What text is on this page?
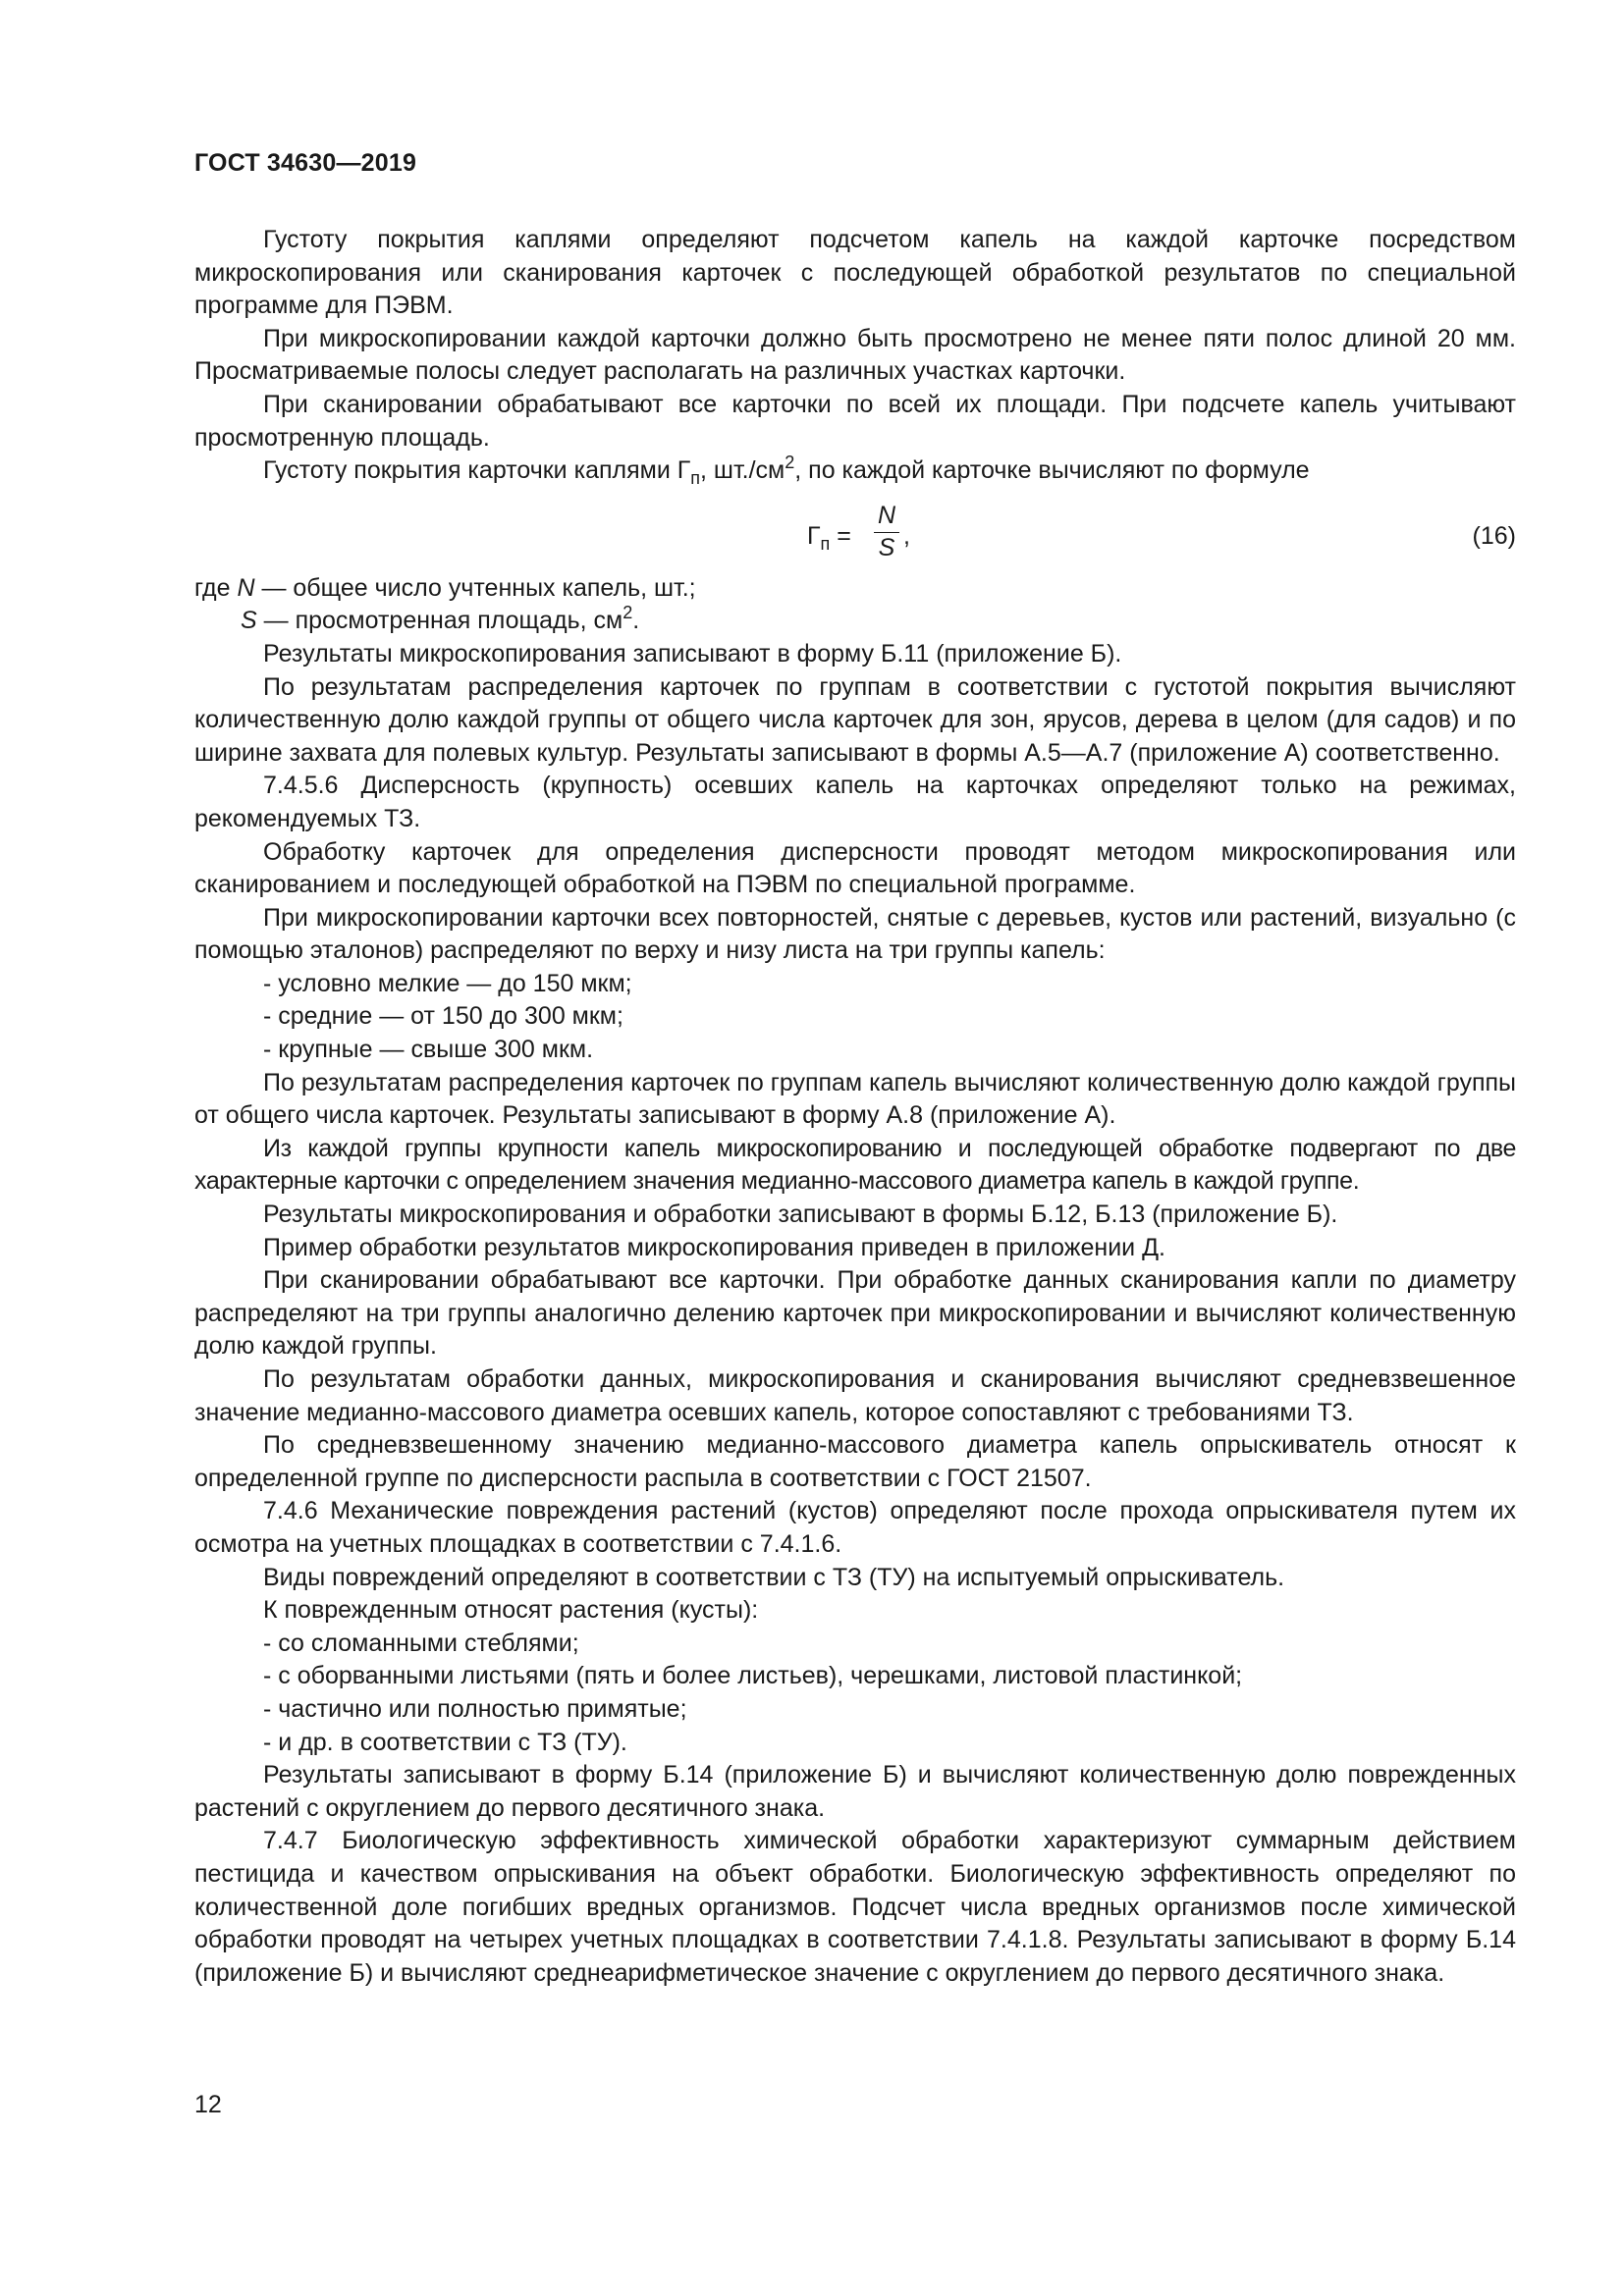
ГОСТ 34630—2019

Густоту покрытия каплями определяют подсчетом капель на каждой карточке посредством микроскопирования или сканирования карточек с последующей обработкой результатов по специальной программе для ПЭВМ.

При микроскопировании каждой карточки должно быть просмотрено не менее пяти полос длиной 20 мм. Просматриваемые полосы следует располагать на различных участках карточки.

При сканировании обрабатывают все карточки по всей их площади. При подсчете капель учитывают просмотренную площадь.

Густоту покрытия карточки каплями $Г_п$, $шт./см^2$, по каждой карточке вычисляют по формуле

$Г_п$ =
N
S ,	(16)

где N — общее число учтенных капель, шт.;

S — просмотренная площадь, $см^2$.

Результаты микроскопирования записывают в форму Б.11 (приложение Б).

По результатам распределения карточек по группам в соответствии с густотой покрытия вычисляют количественную долю каждой группы от общего числа карточек для зон, ярусов, дерева в целом (для садов) и по ширине захвата для полевых культур. Результаты записывают в формы А.5—А.7 (приложение А) соответственно.

7.4.5.6 Дисперсность (крупность) осевших капель на карточках определяют только на режимах, рекомендуемых ТЗ.

Обработку карточек для определения дисперсности проводят методом микроскопирования или сканированием и последующей обработкой на ПЭВМ по специальной программе.

При микроскопировании карточки всех повторностей, снятые с деревьев, кустов или растений, визуально (с помощью эталонов) распределяют по верху и низу листа на три группы капель:

- условно мелкие — до 150 мкм;

- средние — от 150 до 300 мкм;

- крупные — свыше 300 мкм.

По результатам распределения карточек по группам капель вычисляют количественную долю каждой группы от общего числа карточек. Результаты записывают в форму А.8 (приложение А).

Из каждой группы крупности капель микроскопированию и последующей обработке подвергают по две характерные карточки с определением значения медианно-массового диаметра капель в каждой группе.

Результаты микроскопирования и обработки записывают в формы Б.12, Б.13 (приложение Б).

Пример обработки результатов микроскопирования приведен в приложении Д.

При сканировании обрабатывают все карточки. При обработке данных сканирования капли по диаметру распределяют на три группы аналогично делению карточек при микроскопировании и вычисляют количественную долю каждой группы.

По результатам обработки данных, микроскопирования и сканирования вычисляют средневзвешенное значение медианно-массового диаметра осевших капель, которое сопоставляют с требованиями ТЗ.

По средневзвешенному значению медианно-массового диаметра капель опрыскиватель относят к определенной группе по дисперсности распыла в соответствии с ГОСТ 21507.

7.4.6 Механические повреждения растений (кустов) определяют после прохода опрыскивателя путем их осмотра на учетных площадках в соответствии с 7.4.1.6.

Виды повреждений определяют в соответствии с ТЗ (ТУ) на испытуемый опрыскиватель.

К поврежденным относят растения (кусты):

- со сломанными стеблями;

- с оборванными листьями (пять и более листьев), черешками, листовой пластинкой;

- частично или полностью примятые;

- и др. в соответствии с ТЗ (ТУ).

Результаты записывают в форму Б.14 (приложение Б) и вычисляют количественную долю поврежденных растений с округлением до первого десятичного знака.

7.4.7 Биологическую эффективность химической обработки характеризуют суммарным действием пестицида и качеством опрыскивания на объект обработки. Биологическую эффективность определяют по количественной доле погибших вредных организмов. Подсчет числа вредных организмов после химической обработки проводят на четырех учетных площадках в соответствии 7.4.1.8. Результаты записывают в форму Б.14 (приложение Б) и вычисляют среднеарифметическое значение с округлением до первого десятичного знака.

12
